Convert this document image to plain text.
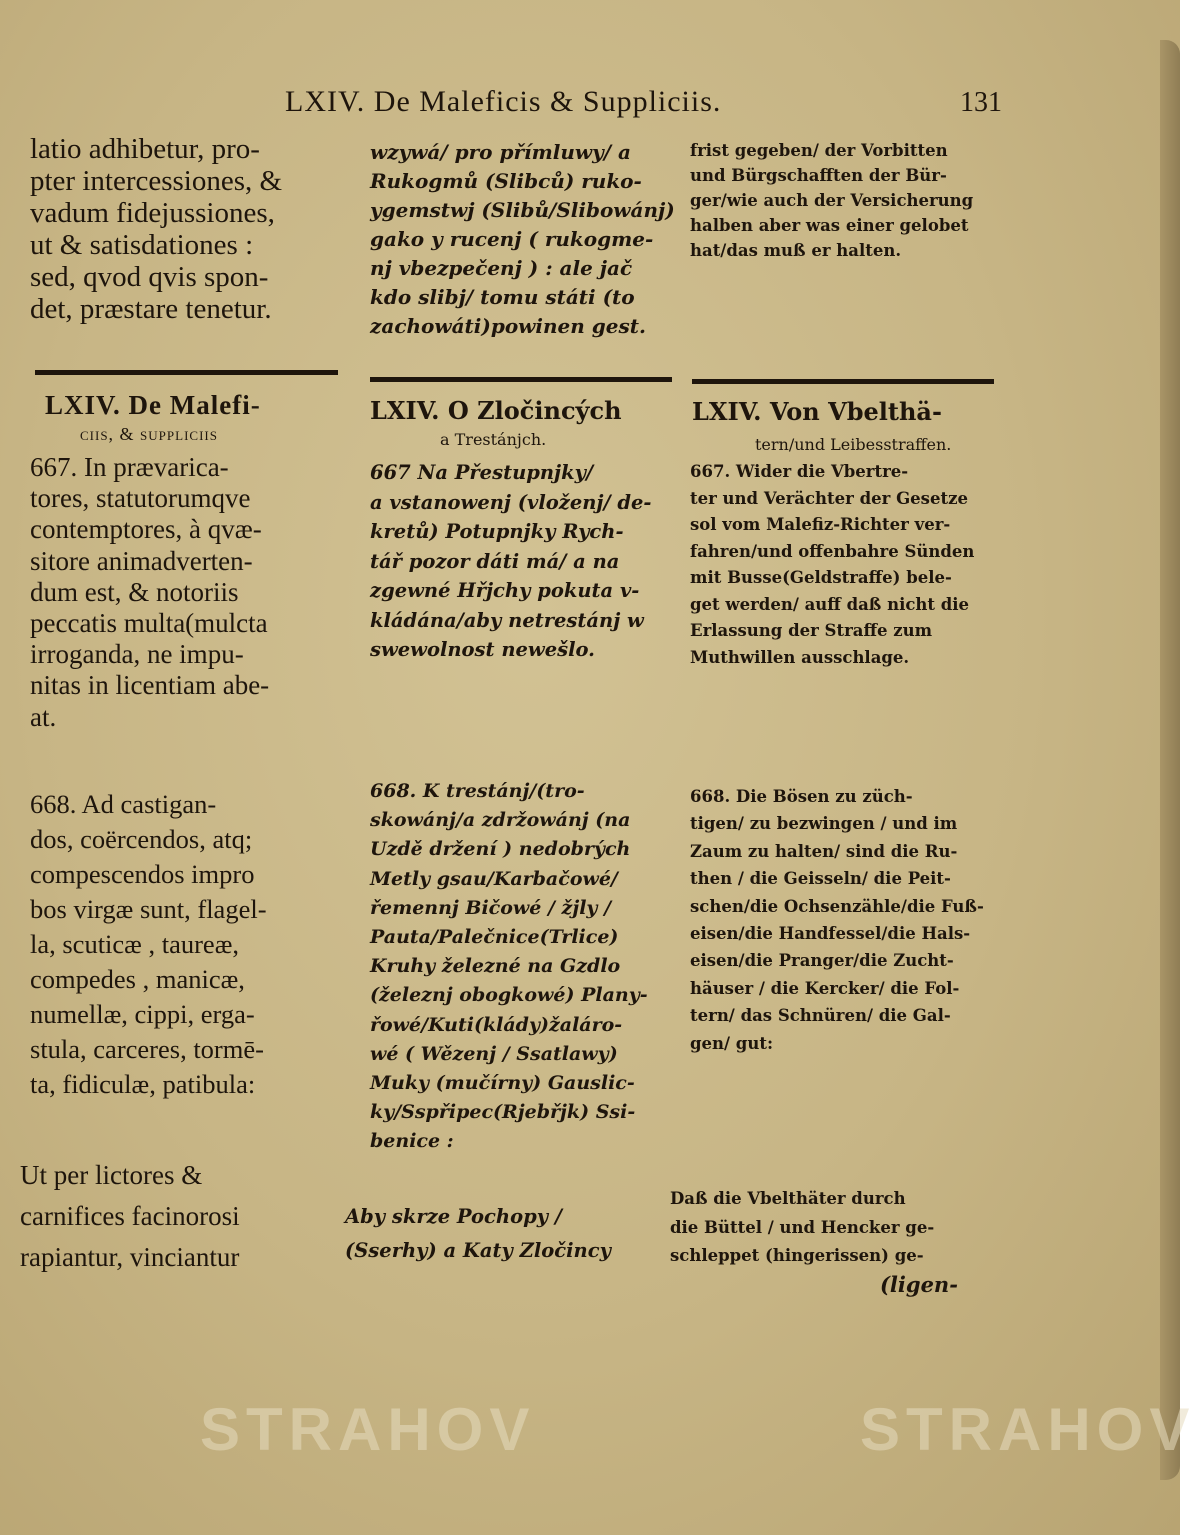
LXIV. De Maleficis & Suppliciis.	131
latio adhibetur, pro-
pter intercessiones, &
vadum fidejussiones,
ut & satisdationes :
sed, qvod qvis spon-
det, præstare tenetur.
wzywá/ pro přímluwy/ a
Rukogmů (Slibců) ruko-
ygemstwj (Slibů/Slibowánj)
gako y rucenj ( rukogme-
nj vbezpečenj ) : ale jač
kdo slibj/ tomu státi (to
zachowáti)powinen gest.
frist gegeben/ der Vorbitten
und Bürgschafften der Bür-
ger/wie auch der Versicherung
halben aber was einer gelobet
hat/das muß er halten.
LXIV. De Malefi-
ciis, & suppliciis
LXIV. O Zločincých
a Trestánjch.
LXIV. Von Vbelthä-
tern/und Leibesstraffen.
667. In prævarica-
tores, statutorumqve
contemptores, à qvæ-
sitore animadverten-
dum est, & notoriis
peccatis multa(mulcta
irroganda, ne impu-
nitas in licentiam abe-
at.
667 Na Přestupnjky/
a vstanowenj (vloženj/ de-
kretů) Potupnjky Rych-
tář pozor dáti má/ a na
zgewné Hřjchy pokuta v-
kládána/aby netrestánj w
swewolnost newešlo.
667. Wider die Vbertre-
ter und Verächter der Gesetze
sol vom Malefiz-Richter ver-
fahren/und offenbahre Sünden
mit Busse(Geldstraffe) bele-
get werden/ auff daß nicht die
Erlassung der Straffe zum
Muthwillen ausschlage.
668. Ad castigan-
dos, coërcendos, atq;
compescendos impro
bos virgæ sunt, flagel-
la, scuticæ , taureæ,
compedes , manicæ,
numellæ, cippi, erga-
stula, carceres, tormē-
ta, fidiculæ, patibula:
668. K trestánj/(tro-
skowánj/a zdržowánj (na
Uzdě držení ) nedobrých
Metly gsau/Karbačowé/
řemennj Bičowé / žjly /
Pauta/Palečnice(Trlice)
Kruhy železné na Gzdlo
(železnj obogkowé) Plany-
řowé/Kuti(klády)žaláro-
wé ( Wězenj / Ssatlawy)
Muky (mučírny) Gauslic-
ky/Sspřipec(Rjebřjk) Ssi-
benice :
668. Die Bösen zu züch-
tigen/ zu bezwingen / und im
Zaum zu halten/ sind die Ru-
then / die Geisseln/ die Peit-
schen/die Ochsenzähle/die Fuß-
eisen/die Handfessel/die Hals-
eisen/die Pranger/die Zucht-
häuser / die Kercker/ die Fol-
tern/ das Schnüren/ die Gal-
gen/ gut:
Ut per lictores &
carnifices facinorosi
rapiantur, vinciantur
Aby skrze Pochopy /
(Sserhy) a Katy Zločincy
Daß die Vbelthäter durch
die Büttel / und Hencker ge-
schleppet (hingerissen) ge-
(ligen-
STRAHOV	STRAHOV
